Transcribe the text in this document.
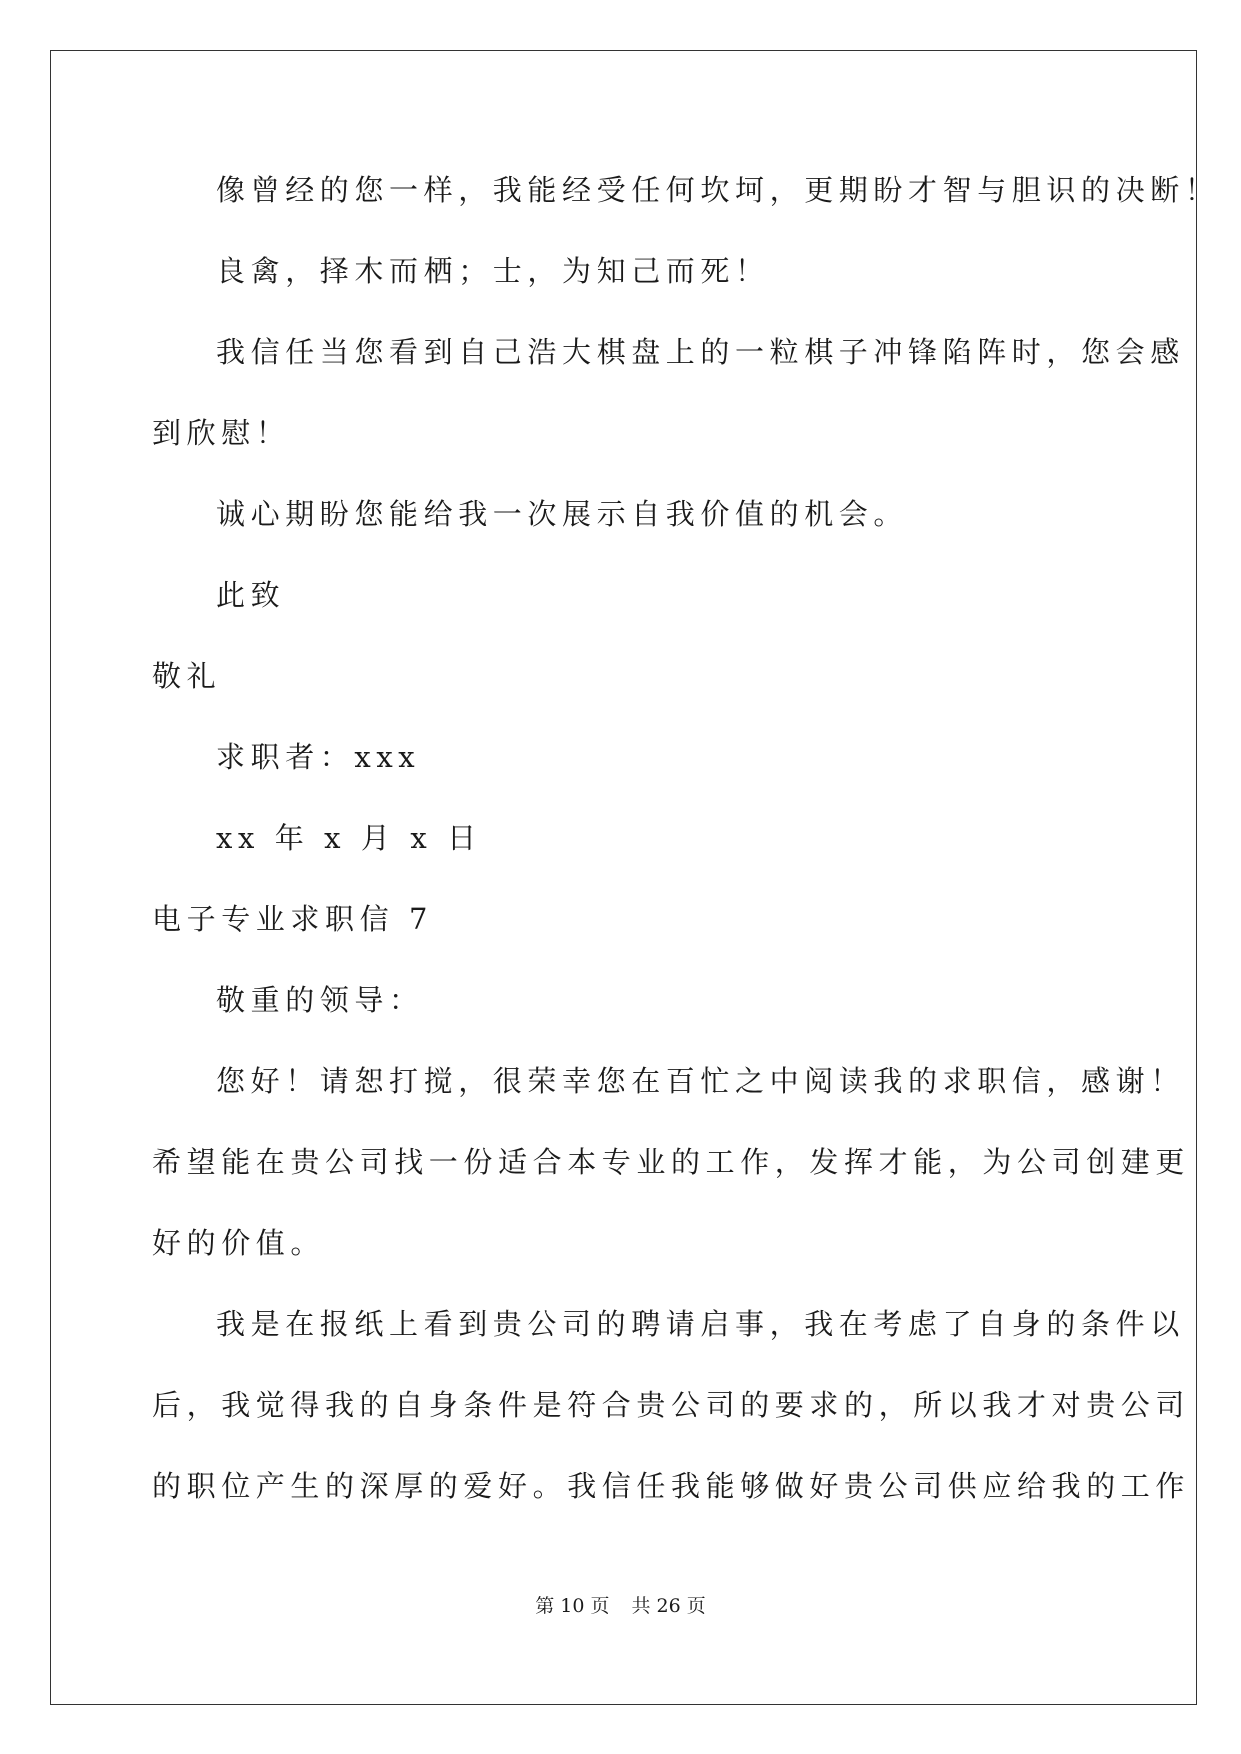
像曾经的您一样，我能经受任何坎坷，更期盼才智与胆识的决断！
良禽，择木而栖；士，为知己而死！
我信任当您看到自己浩大棋盘上的一粒棋子冲锋陷阵时，您会感
到欣慰！
诚心期盼您能给我一次展示自我价值的机会。
此致
敬礼
求职者：xxx
xx 年 x 月 x 日
电子专业求职信 7
敬重的领导：
您好！请恕打搅，很荣幸您在百忙之中阅读我的求职信，感谢！
希望能在贵公司找一份适合本专业的工作，发挥才能，为公司创建更
好的价值。
我是在报纸上看到贵公司的聘请启事，我在考虑了自身的条件以
后，我觉得我的自身条件是符合贵公司的要求的，所以我才对贵公司
的职位产生的深厚的爱好。我信任我能够做好贵公司供应给我的工作
第 10 页 共 26 页
